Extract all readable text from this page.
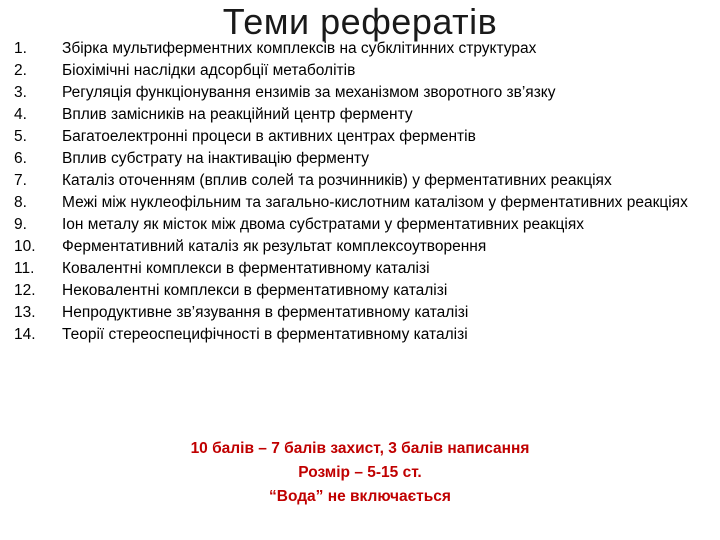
Теми рефератів
1.	Збірка мультиферментних комплексів на субклітинних структурах
2.	Біохімічні наслідки адсорбції метаболітів
3.	Регуляція функціонування ензимів за механізмом зворотного зв’язку
4.	Вплив замісників на реакційний центр ферменту
5.	Багатоелектронні процеси в активних центрах ферментів
6.	Вплив субстрату на інактивацію ферменту
7.	Каталіз оточенням (вплив солей та розчинників) у ферментативних реакціях
8.	Межі між нуклеофільним та загально-кислотним каталізом у ферментативних реакціях
9.	Іон металу як місток між двома субстратами у ферментативних реакціях
10.	Ферментативний каталіз як результат комплексоутворення
11.	Ковалентні комплекси в ферментативному каталізі
12.	Нековалентні комплекси в ферментативному каталізі
13.	Непродуктивне зв’язування в ферментативному каталізі
14.	Теорії стереоспецифічності в ферментативному каталізі
10 балів – 7 балів захист, 3 балів написання
Розмір – 5-15 ст.
“Вода” не включається
